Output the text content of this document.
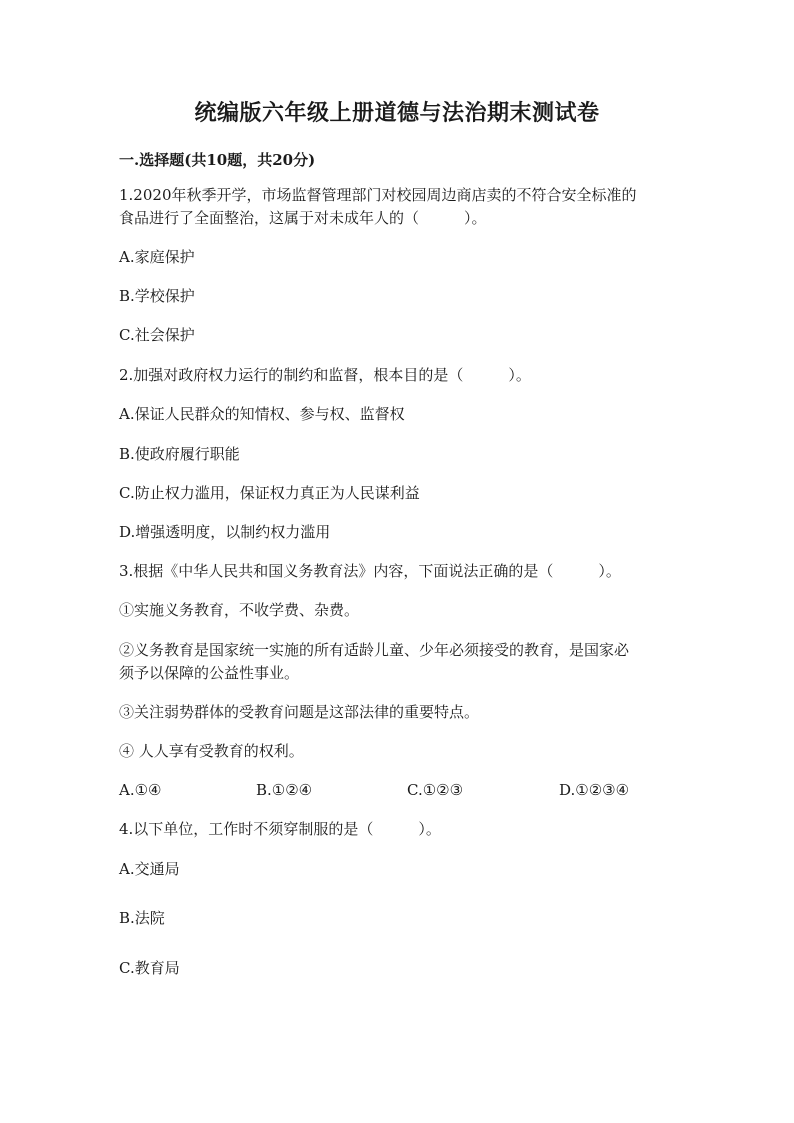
统编版六年级上册道德与法治期末测试卷
一.选择题(共10题，共20分)
1.2020年秋季开学，市场监督管理部门对校园周边商店卖的不符合安全标准的
食品进行了全面整治，这属于对未成年人的（　　　）。
A.家庭保护
B.学校保护
C.社会保护
2.加强对政府权力运行的制约和监督，根本目的是（　　　）。
A.保证人民群众的知情权、参与权、监督权
B.使政府履行职能
C.防止权力滥用，保证权力真正为人民谋利益
D.增强透明度，以制约权力滥用
3.根据《中华人民共和国义务教育法》内容，下面说法正确的是（　　　）。
①实施义务教育，不收学费、杂费。
②义务教育是国家统一实施的所有适龄儿童、少年必须接受的教育，是国家必
须予以保障的公益性事业。
③关注弱势群体的受教育问题是这部法律的重要特点。
④ 人人享有受教育的权利。
A.①④	B.①②④	C.①②③	D.①②③④
4.以下单位，工作时不须穿制服的是（　　　）。
A.交通局
B.法院
C.教育局
